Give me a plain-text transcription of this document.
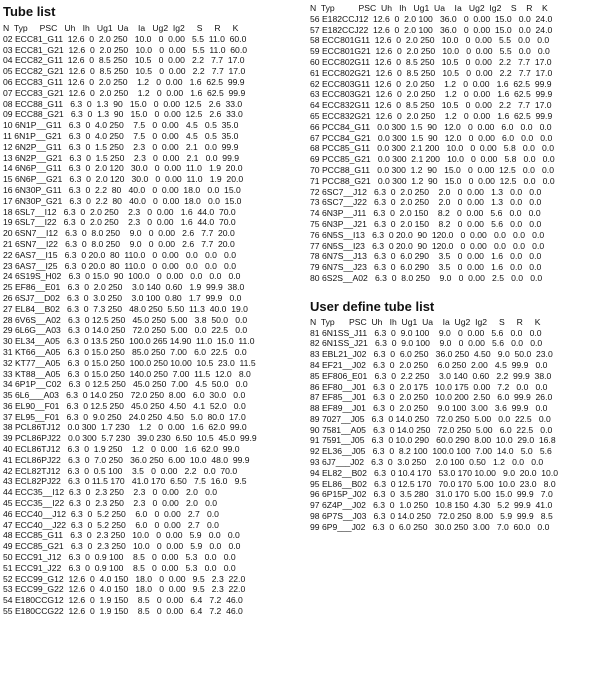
Tube list
N  Typ     PSC   Uh   Ih   Ug1  Ua    Ia   Ug2  Ig2     S     R     K
02 ECC81_G11  12.6  0  2.0 250   10.0   0  0.00   5.5  11.0  60.0
03 ECC81_G21  12.6  0  2.0 250   10.0   0  0.00   5.5  11.0  60.0
04 ECC82_G11  12.6  0  8.5 250   10.5   0  0.00   2.2   7.7  17.0
05 ECC82_G21  12.6  0  8.5 250   10.5   0  0.00   2.2   7.7  17.0
06 ECC83_G11  12.6  0  2.0 250    1.2   0  0.00   1.6  62.5  99.9
07 ECC83_G21  12.6  0  2.0 250    1.2   0  0.00   1.6  62.5  99.9
08 ECC88_G11   6.3  0  1.3  90   15.0   0  0.00  12.5   2.6  33.0
09 ECC88_G21   6.3  0  1.3  90   15.0   0  0.00  12.5   2.6  33.0
10 6N1P__G11   6.3  0  4.0 250    7.5   0  0.00   4.5   0.5  35.0
11 6N1P__G21   6.3  0  4.0 250    7.5   0  0.00   4.5   0.5  35.0
12 6N2P__G11   6.3  0  1.5 250    2.3   0  0.00   2.1   0.0  99.9
13 6N2P__G21   6.3  0  1.5 250    2.3   0  0.00   2.1   0.0  99.9
14 6N6P__G11   6.3  0  2.0 120   30.0   0  0.00  11.0   1.9  20.0
15 6N6P__G21   6.3  0  2.0 120   30.0   0  0.00  11.0   1.9  20.0
16 6N30P_G11   6.3  0  2.2  80   40.0   0  0.00  18.0   0.0  15.0
17 6N30P_G21   6.3  0  2.2  80   40.0   0  0.00  18.0   0.0  15.0
18 6SL7__I12   6.3  0  2.0 250    2.3   0  0.00   1.6  44.0  70.0
19 6SL7__I22   6.3  0  2.0 250    2.3   0  0.00   1.6  44.0  70.0
20 6SN7__I12   6.3  0  8.0 250    9.0   0  0.00   2.6   7.7  20.0
21 6SN7__I22   6.3  0  8.0 250    9.0   0  0.00   2.6   7.7  20.0
22 6AS7__I15   6.3  0 20.0  80  110.0   0  0.00   0.0   0.0   0.0
23 6AS7__I25   6.3  0 20.0  80  110.0   0  0.00   0.0   0.0   0.0
24 6S19S_H02   6.3  0 15.0  90  100.0   0  0.00   0.0   0.0   0.0
25 EF86__E01   6.3  0  2.0 250    3.0 140  0.60   1.9  99.9  38.0
26 6SJ7__D02   6.3  0  3.0 250    3.0 100  0.80   1.7  99.9   0.0
27 EL84__B02   6.3  0  7.3 250   48.0 250  5.50  11.3  40.0  19.0
28 6V6S__A02   6.3  0 12.5 250   45.0 250  5.00   3.8  50.0   0.0
29 6L6G__A03   6.3  0 14.0 250   72.0 250  5.00   0.0  22.5   0.0
30 EL34__A05   6.3  0 13.5 250  100.0 265 14.90  11.0  15.0  11.0
31 KT66__A05   6.3  0 15.0 250   85.0 250  7.00   6.0  22.5   0.0
32 KT77__A05   6.3  0 15.0 250  100.0 250 10.00  10.5  23.0  11.5
33 KT88__A05   6.3  0 15.0 250  140.0 250  7.00  11.5  12.0   8.0
34 6P1P__C02   6.3  0 12.5 250   45.0 250  7.00   4.5  50.0   0.0
35 6L6___A03   6.3  0 14.0 250   72.0 250  8.00   6.0  30.0   0.0
36 EL90__F01   6.3  0 12.5 250   45.0 250  4.50   4.1  52.0   0.0
37 EL95__F01   6.3  0  9.0 250   24.0 250  4.50   5.0  80.0  17.0
38 PCL86TJ12   0.0 300  1.7 230    1.2   0  0.00   1.6  62.0  99.0
39 PCL86PJ22   0.0 300  5.7 230   39.0 230  6.50  10.5  45.0  99.9
40 ECL86TJ12   6.3  0  1.9 250    1.2   0  0.00   1.6  62.0  99.0
41 ECL86PJ22   6.3  0  7.0 250   36.0 250  6.00  10.0  48.0  99.9
42 ECL82TJ12   6.3  0  0.5 100    3.5   0  0.00   2.2   0.0  70.0
43 ECL82PJ22   6.3  0 11.5 170   41.0 170  6.50   7.5  16.0   9.5
44 ECC35__I12  6.3  0  2.3 250    2.3   0  0.00   2.0   0.0
45 ECC35__I22  6.3  0  2.3 250    2.3   0  0.00   2.0   0.0
46 ECC40__J12  6.3  0  5.2 250    6.0   0  0.00   2.7   0.0
47 ECC40__J22  6.3  0  5.2 250    6.0   0  0.00   2.7   0.0
48 ECC85_G11   6.3  0  2.3 250   10.0   0  0.00   5.9   0.0   0.0
49 ECC85_G21   6.3  0  2.3 250   10.0   0  0.00   5.9   0.0   0.0
50 ECC91_J12   6.3  0  0.9 100    8.5   0  0.00   5.3   0.0   0.0
51 ECC91_J22   6.3  0  0.9 100    8.5   0  0.00   5.3   0.0   0.0
52 ECC99_G12  12.6  0  4.0 150   18.0   0  0.00   9.5   2.3  22.0
53 ECC99_G22  12.6  0  4.0 150   18.0   0  0.00   9.5   2.3  22.0
54 E180CCG12  12.6  0  1.9 150    8.5   0  0.00   6.4   7.2  46.0
55 E180CCG22  12.6  0  1.9 150    8.5   0  0.00   6.4   7.2  46.0
N  Typ          PSC  Uh   Ih   Ug1  Ua    Ia   Ug2  Ig2    S    R    K
56 E182CCJ12  12.6  0  2.0 100   36.0   0  0.00  15.0   0.0  24.0
57 E182CCJ22  12.6  0  2.0 100   36.0   0  0.00  15.0   0.0  24.0
58 ECC801G11  12.6  0  2.0 250   10.0   0  0.00   5.5   0.0   0.0
59 ECC801G21  12.6  0  2.0 250   10.0   0  0.00   5.5   0.0   0.0
60 ECC802G11  12.6  0  8.5 250   10.5   0  0.00   2.2   7.7  17.0
61 ECC802G21  12.6  0  8.5 250   10.5   0  0.00   2.2   7.7  17.0
62 ECC803G11  12.6  0  2.0 250    1.2   0  0.00   1.6  62.5  99.9
63 ECC803G21  12.6  0  2.0 250    1.2   0  0.00   1.6  62.5  99.9
64 ECC832G11  12.6  0  8.5 250   10.5   0  0.00   2.2   7.7  17.0
65 ECC832G21  12.6  0  2.0 250    1.2   0  0.00   1.6  62.5  99.9
66 PCC84_G11   0.0 300  1.5  90   12.0   0  0.00   6.0   0.0   0.0
67 PCC84_G21   0.0 300  1.5  90   12.0   0  0.00   6.0   0.0   0.0
68 PCC85_G11   0.0 300  2.1 200   10.0   0  0.00   5.8   0.0   0.0
69 PCC85_G21   0.0 300  2.1 200   10.0   0  0.00   5.8   0.0   0.0
70 PCC88_G11   0.0 300  1.2  90   15.0   0  0.00  12.5   0.0   0.0
71 PCC88_G21   0.0 300  1.2  90   15.0   0  0.00  12.5   0.0   0.0
72 6SC7__J12   6.3  0  2.0 250    2.0   0  0.00   1.3   0.0   0.0
73 6SC7__J22   6.3  0  2.0 250    2.0   0  0.00   1.3   0.0   0.0
74 6N3P__J11   6.3  0  2.0 150    8.2   0  0.00   5.6   0.0   0.0
75 6N3P__J21   6.3  0  2.0 150    8.2   0  0.00   5.6   0.0   0.0
76 6N5S__I13   6.3  0 20.0  90  120.0   0  0.00   0.0   0.0   0.0
77 6N5S__I23   6.3  0 20.0  90  120.0   0  0.00   0.0   0.0   0.0
78 6N7S__J13   6.3  0  6.0 290    3.5   0  0.00   1.6   0.0   0.0
79 6N7S__J23   6.3  0  6.0 290    3.5   0  0.00   1.6   0.0   0.0
80 6S2S__A02   6.3  0  8.0 250    9.0   0  0.00   2.5   0.0   0.0
User define tube list
N  Typ      PSC  Uh   Ih  Ug1  Ua    Ia  Ug2  Ig2     S     R     K
81 6N1SS_J11   6.3  0  9.0 100    9.0   0  0.00   5.6   0.0   0.0
82 6N1SS_J21   6.3  0  9.0 100    9.0   0  0.00   5.6   0.0   0.0
83 EBL21_J02   6.3  0  6.0 250   36.0 250  4.50   9.0  50.0  23.0
84 EF21__J02   6.3  0  2.0 250    6.0 250  2.00   4.5  99.9   0.0
85 EF806_E01   6.3  0  2.2 250    3.0 140  0.60   2.2  99.9  38.0
86 EF80__J01   6.3  0  2.0 175   10.0 175  0.00   7.2   0.0   0.0
87 EF85__J01   6.3  0  2.0 250   10.0 200  2.50   6.0  99.9  26.0
88 EF89__J01   6.3  0  2.0 250    9.0 100  3.00   3.6  99.9   0.0
89 7027__J05   6.3  0 14.0 250   72.0 250  5.00   0.0  22.5   0.0
90 7581__A05   6.3  0 14.0 250   72.0 250  5.00   6.0  22.5   0.0
91 7591__J05   6.3  0 10.0 290   60.0 290  8.00  10.0  29.0  16.8
92 EL36__J05   6.3  0  8.2 100  100.0 100  7.00  14.0   5.0   5.6
93 6J7___J02   6.3  0  3.0 250    2.0 100  0.50   1.2   0.0   0.0
94 EL82__B02   6.3  0 10.4 170   53.0 170 10.00   9.0  20.0  10.0
95 EL86__B02   6.3  0 12.5 170   70.0 170  5.00  10.0  23.0   8.0
96 6P15P_J02   6.3  0  3.5 280   31.0 170  5.00  15.0  99.9   7.0
97 6Z4P__J02   6.3  0  1.0 250   10.8 150  4.30   5.2  99.9  41.0
98 6P7S__J03   6.3  0 14.0 250   72.0 250  8.00   5.9  99.9   8.5
99 6P9___J02   6.3  0  6.0 250   30.0 250  3.00   7.0  60.0   0.0
